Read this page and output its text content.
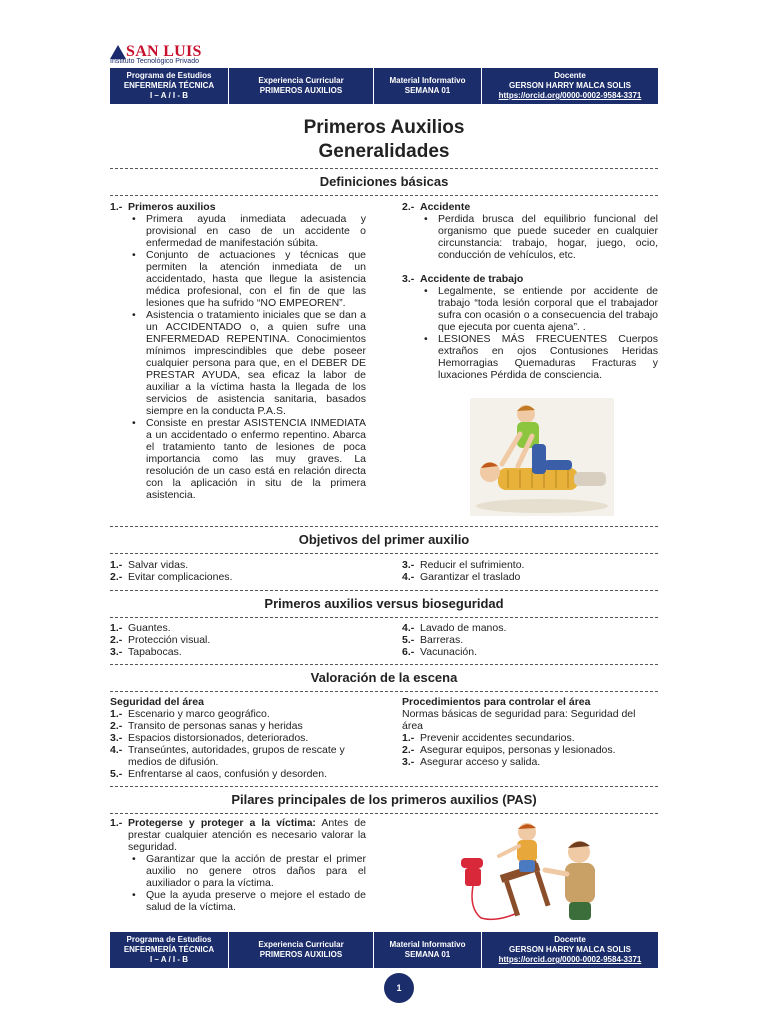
SAN LUIS
Instituto Tecnológico Privado
Programa de Estudios
ENFERMERÍA TÉCNICA
I – A / I - B
Experiencia Curricular
PRIMEROS AUXILIOS
Material Informativo
SEMANA 01
Docente
GERSON HARRY MALCA SOLIS
https://orcid.org/0000-0002-9584-3371
Primeros Auxilios
Generalidades
Definiciones básicas
1.- Primeros auxilios
• Primera ayuda inmediata adecuada y provisional en caso de un accidente o enfermedad de manifestación súbita.
• Conjunto de actuaciones y técnicas que permiten la atención inmediata de un accidentado, hasta que llegue la asistencia médica profesional, con el fin de que las lesiones que ha sufrido “NO EMPEOREN”.
• Asistencia o tratamiento iniciales que se dan a un ACCIDENTADO o, a quien sufre una ENFERMEDAD REPENTINA. Conocimientos mínimos imprescindibles que debe poseer cualquier persona para que, en el DEBER DE PRESTAR AYUDA, sea eficaz la labor de auxiliar a la víctima hasta la llegada de los servicios de asistencia sanitaria, basados siempre en la conducta P.A.S.
• Consiste en prestar ASISTENCIA INMEDIATA a un accidentado o enfermo repentino. Abarca el tratamiento tanto de lesiones de poca importancia como las muy graves. La resolución de un caso está en relación directa con la aplicación in situ de la primera asistencia.
2.- Accidente
• Perdida brusca del equilibrio funcional del organismo que puede suceder en cualquier circunstancia: trabajo, hogar, juego, ocio, conducción de vehículos, etc.
3.- Accidente de trabajo
• Legalmente, se entiende por accidente de trabajo “toda lesión corporal que el trabajador sufra con ocasión o a consecuencia del trabajo que ejecuta por cuenta ajena”. .
• LESIONES MÁS FRECUENTES Cuerpos extraños en ojos Contusiones Heridas Hemorragias Quemaduras Fracturas y luxaciones Pérdida de consciencia.
Objetivos del primer auxilio
1.- Salvar vidas.
2.- Evitar complicaciones.
3.- Reducir el sufrimiento.
4.- Garantizar el traslado
Primeros auxilios versus bioseguridad
1.- Guantes.
2.- Protección visual.
3.- Tapabocas.
4.- Lavado de manos.
5.- Barreras.
6.- Vacunación.
Valoración de la escena
Seguridad del área
1.- Escenario y marco geográfico.
2.- Transito de personas sanas y heridas
3.- Espacios distorsionados, deteriorados.
4.- Transeúntes, autoridades, grupos de rescate y medios de difusión.
5.- Enfrentarse al caos, confusión y desorden.
Procedimientos para controlar el área
Normas básicas de seguridad para: Seguridad del área
1.- Prevenir accidentes secundarios.
2.- Asegurar equipos, personas y lesionados.
3.- Asegurar acceso y salida.
Pilares principales de los primeros auxilios (PAS)
1.- Protegerse y proteger a la víctima: Antes de prestar cualquier atención es necesario valorar la seguridad.
• Garantizar que la acción de prestar el primer auxilio no genere otros daños para el auxiliador o para la víctima.
• Que la ayuda preserve o mejore el estado de salud de la víctima.
Programa de Estudios
ENFERMERÍA TÉCNICA
I – A / I - B
Experiencia Curricular
PRIMEROS AUXILIOS
Material Informativo
SEMANA 01
Docente
GERSON HARRY MALCA SOLIS
https://orcid.org/0000-0002-9584-3371
1
